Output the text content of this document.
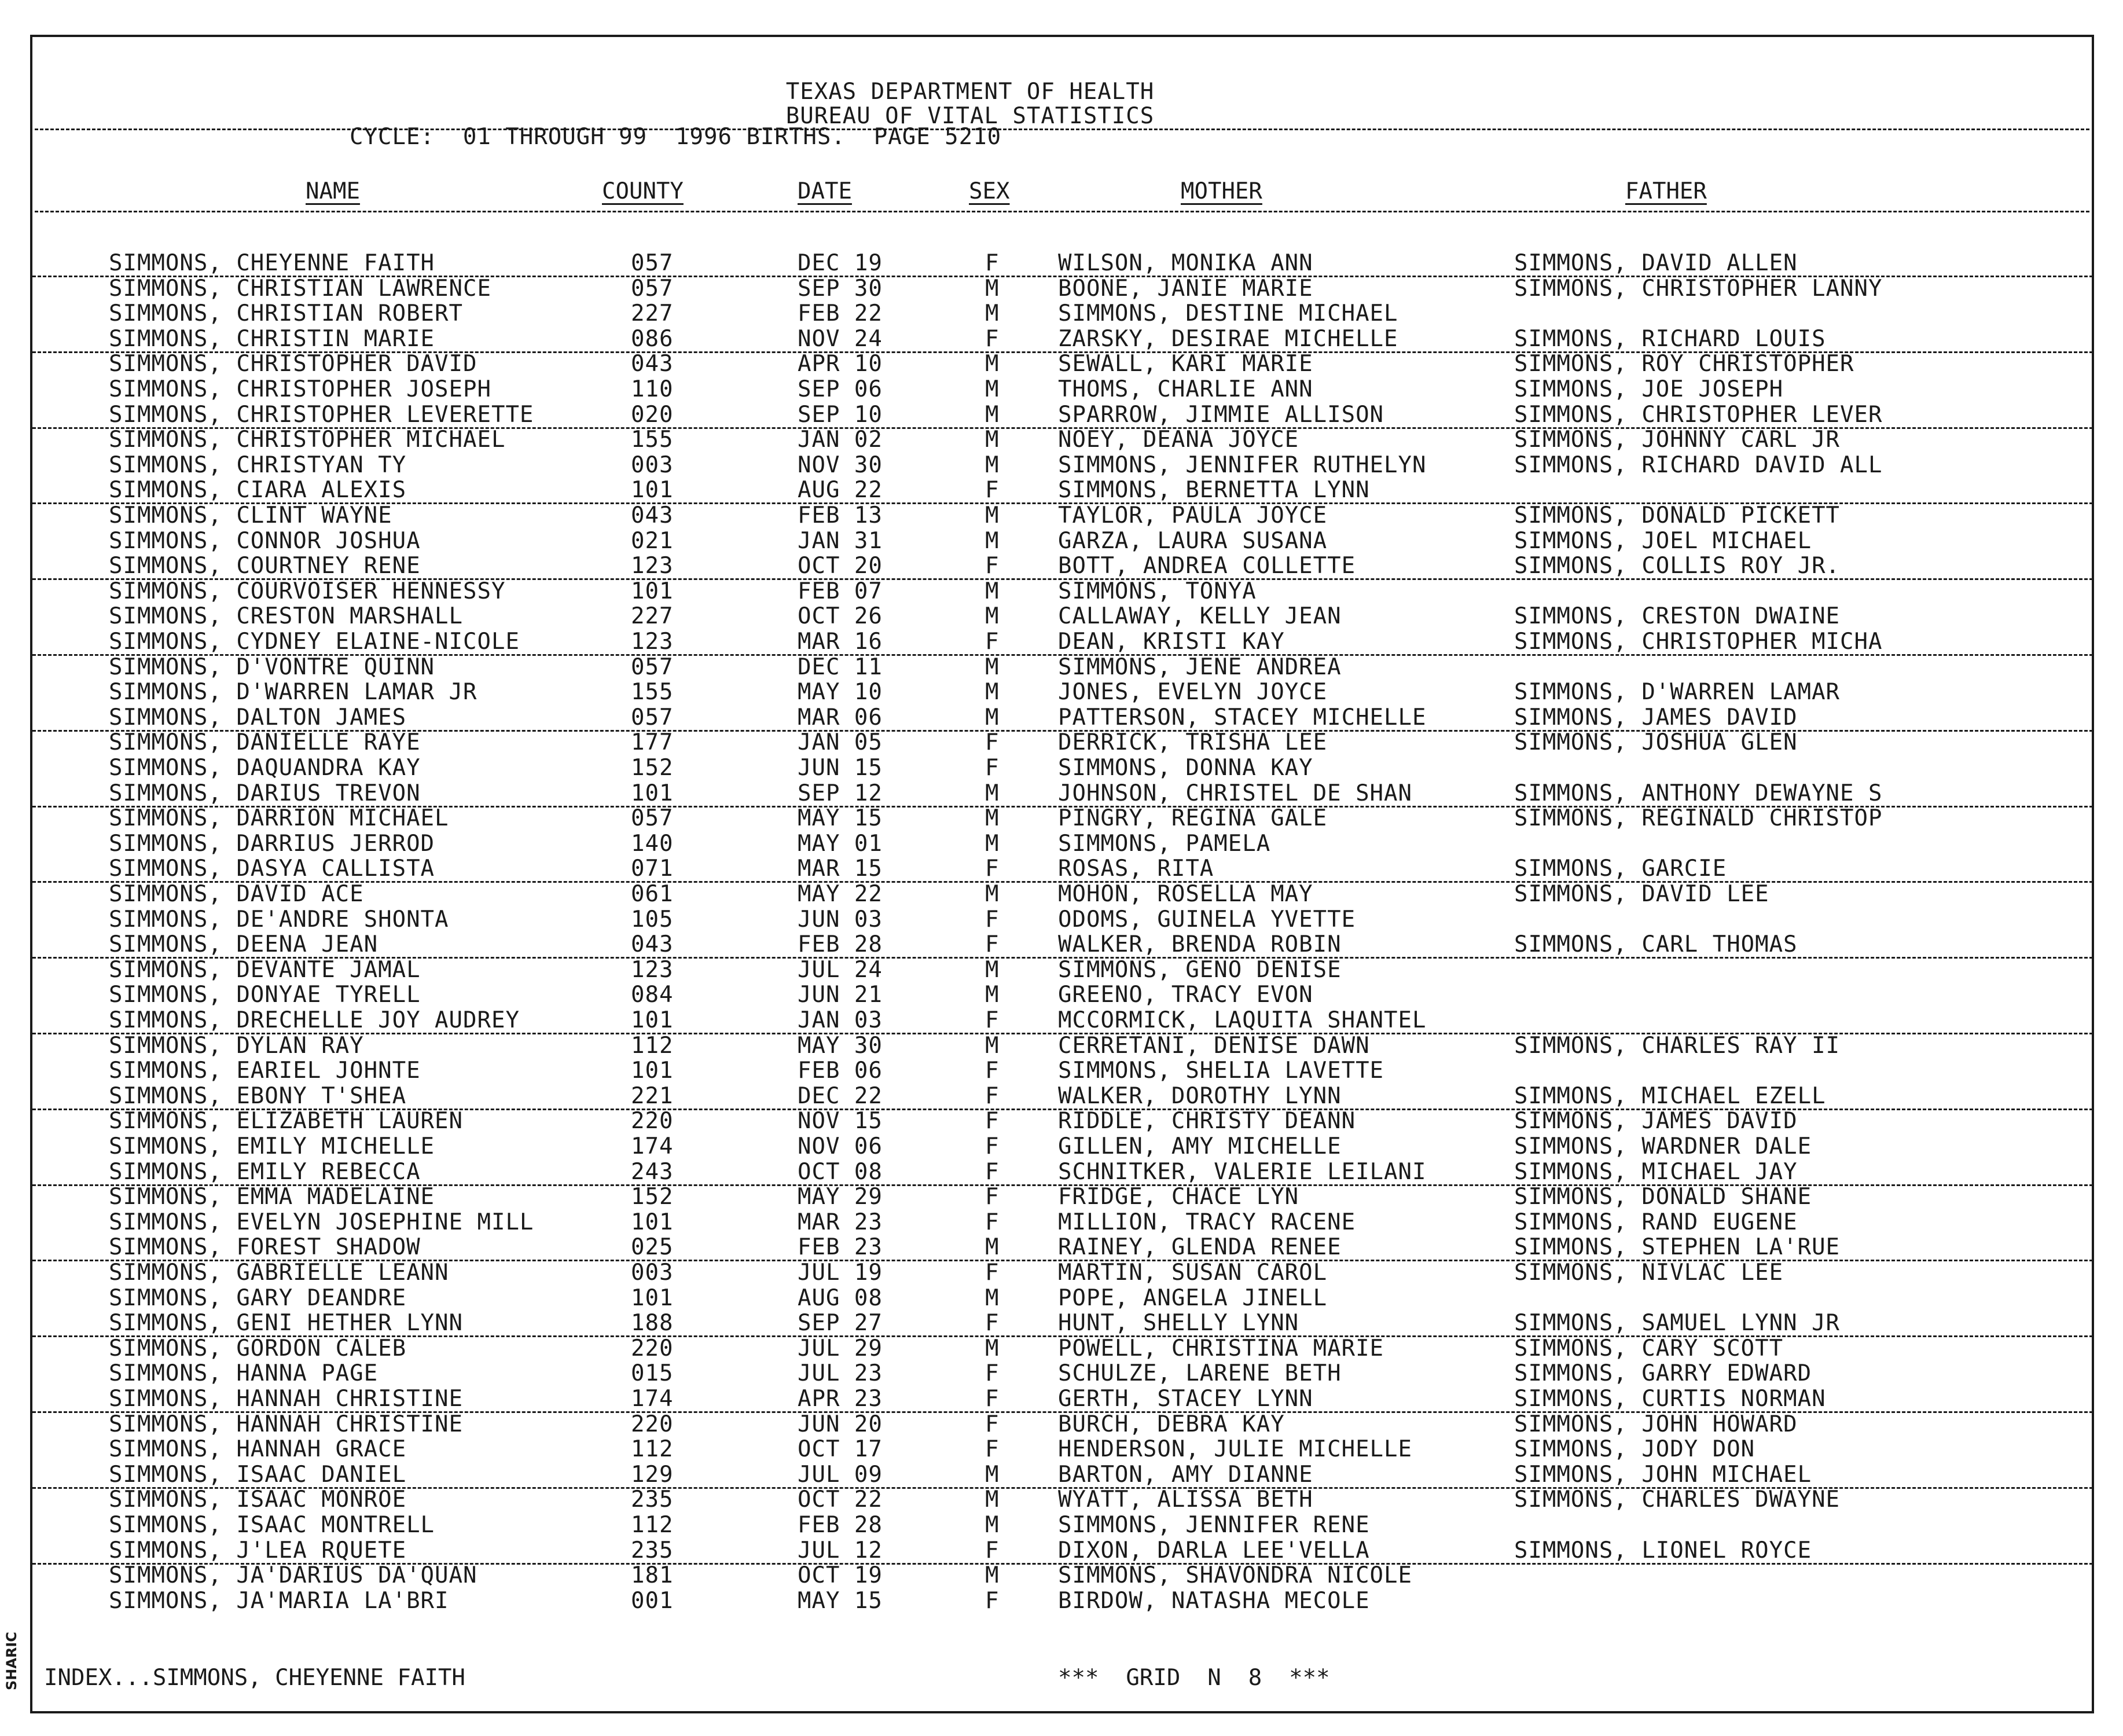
TEXAS DEPARTMENT OF HEALTH
BUREAU OF VITAL STATISTICS
CYCLE:  01 THROUGH 99  1996 BIRTHS.  PAGE 5210
NAME	COUNTY	DATE	SEX	MOTHER	FATHER
SIMMONS, CHEYENNE FAITH	057	DEC 19	F	WILSON, MONIKA ANN	SIMMONS, DAVID ALLEN
SIMMONS, CHRISTIAN LAWRENCE	057	SEP 30	M	BOONE, JANIE MARIE	SIMMONS, CHRISTOPHER LANNY
SIMMONS, CHRISTIAN ROBERT	227	FEB 22	M	SIMMONS, DESTINE MICHAEL
SIMMONS, CHRISTIN MARIE	086	NOV 24	F	ZARSKY, DESIRAE MICHELLE	SIMMONS, RICHARD LOUIS
SIMMONS, CHRISTOPHER DAVID	043	APR 10	M	SEWALL, KARI MARIE	SIMMONS, ROY CHRISTOPHER
SIMMONS, CHRISTOPHER JOSEPH	110	SEP 06	M	THOMS, CHARLIE ANN	SIMMONS, JOE JOSEPH
SIMMONS, CHRISTOPHER LEVERETTE	020	SEP 10	M	SPARROW, JIMMIE ALLISON	SIMMONS, CHRISTOPHER LEVER
SIMMONS, CHRISTOPHER MICHAEL	155	JAN 02	M	NOEY, DEANA JOYCE	SIMMONS, JOHNNY CARL JR
SIMMONS, CHRISTYAN TY	003	NOV 30	M	SIMMONS, JENNIFER RUTHELYN	SIMMONS, RICHARD DAVID ALL
SIMMONS, CIARA ALEXIS	101	AUG 22	F	SIMMONS, BERNETTA LYNN
SIMMONS, CLINT WAYNE	043	FEB 13	M	TAYLOR, PAULA JOYCE	SIMMONS, DONALD PICKETT
SIMMONS, CONNOR JOSHUA	021	JAN 31	M	GARZA, LAURA SUSANA	SIMMONS, JOEL MICHAEL
SIMMONS, COURTNEY RENE	123	OCT 20	F	BOTT, ANDREA COLLETTE	SIMMONS, COLLIS ROY JR.
SIMMONS, COURVOISER HENNESSY	101	FEB 07	M	SIMMONS, TONYA
SIMMONS, CRESTON MARSHALL	227	OCT 26	M	CALLAWAY, KELLY JEAN	SIMMONS, CRESTON DWAINE
SIMMONS, CYDNEY ELAINE-NICOLE	123	MAR 16	F	DEAN, KRISTI KAY	SIMMONS, CHRISTOPHER MICHA
SIMMONS, D'VONTRE QUINN	057	DEC 11	M	SIMMONS, JENE ANDREA
SIMMONS, D'WARREN LAMAR JR	155	MAY 10	M	JONES, EVELYN JOYCE	SIMMONS, D'WARREN LAMAR
SIMMONS, DALTON JAMES	057	MAR 06	M	PATTERSON, STACEY MICHELLE	SIMMONS, JAMES DAVID
SIMMONS, DANIELLE RAYE	177	JAN 05	F	DERRICK, TRISHA LEE	SIMMONS, JOSHUA GLEN
SIMMONS, DAQUANDRA KAY	152	JUN 15	F	SIMMONS, DONNA KAY
SIMMONS, DARIUS TREVON	101	SEP 12	M	JOHNSON, CHRISTEL DE SHAN	SIMMONS, ANTHONY DEWAYNE S
SIMMONS, DARRION MICHAEL	057	MAY 15	M	PINGRY, REGINA GALE	SIMMONS, REGINALD CHRISTOP
SIMMONS, DARRIUS JERROD	140	MAY 01	M	SIMMONS, PAMELA
SIMMONS, DASYA CALLISTA	071	MAR 15	F	ROSAS, RITA	SIMMONS, GARCIE
SIMMONS, DAVID ACE	061	MAY 22	M	MOHON, ROSELLA MAY	SIMMONS, DAVID LEE
SIMMONS, DE'ANDRE SHONTA	105	JUN 03	F	ODOMS, GUINELA YVETTE
SIMMONS, DEENA JEAN	043	FEB 28	F	WALKER, BRENDA ROBIN	SIMMONS, CARL THOMAS
SIMMONS, DEVANTE JAMAL	123	JUL 24	M	SIMMONS, GENO DENISE
SIMMONS, DONYAE TYRELL	084	JUN 21	M	GREENO, TRACY EVON
SIMMONS, DRECHELLE JOY AUDREY	101	JAN 03	F	MCCORMICK, LAQUITA SHANTEL
SIMMONS, DYLAN RAY	112	MAY 30	M	CERRETANI, DENISE DAWN	SIMMONS, CHARLES RAY II
SIMMONS, EARIEL JOHNTE	101	FEB 06	F	SIMMONS, SHELIA LAVETTE
SIMMONS, EBONY T'SHEA	221	DEC 22	F	WALKER, DOROTHY LYNN	SIMMONS, MICHAEL EZELL
SIMMONS, ELIZABETH LAUREN	220	NOV 15	F	RIDDLE, CHRISTY DEANN	SIMMONS, JAMES DAVID
SIMMONS, EMILY MICHELLE	174	NOV 06	F	GILLEN, AMY MICHELLE	SIMMONS, WARDNER DALE
SIMMONS, EMILY REBECCA	243	OCT 08	F	SCHNITKER, VALERIE LEILANI	SIMMONS, MICHAEL JAY
SIMMONS, EMMA MADELAINE	152	MAY 29	F	FRIDGE, CHACE LYN	SIMMONS, DONALD SHANE
SIMMONS, EVELYN JOSEPHINE MILL	101	MAR 23	F	MILLION, TRACY RACENE	SIMMONS, RAND EUGENE
SIMMONS, FOREST SHADOW	025	FEB 23	M	RAINEY, GLENDA RENEE	SIMMONS, STEPHEN LA'RUE
SIMMONS, GABRIELLE LEANN	003	JUL 19	F	MARTIN, SUSAN CAROL	SIMMONS, NIVLAC LEE
SIMMONS, GARY DEANDRE	101	AUG 08	M	POPE, ANGELA JINELL
SIMMONS, GENI HETHER LYNN	188	SEP 27	F	HUNT, SHELLY LYNN	SIMMONS, SAMUEL LYNN JR
SIMMONS, GORDON CALEB	220	JUL 29	M	POWELL, CHRISTINA MARIE	SIMMONS, CARY SCOTT
SIMMONS, HANNA PAGE	015	JUL 23	F	SCHULZE, LARENE BETH	SIMMONS, GARRY EDWARD
SIMMONS, HANNAH CHRISTINE	174	APR 23	F	GERTH, STACEY LYNN	SIMMONS, CURTIS NORMAN
SIMMONS, HANNAH CHRISTINE	220	JUN 20	F	BURCH, DEBRA KAY	SIMMONS, JOHN HOWARD
SIMMONS, HANNAH GRACE	112	OCT 17	F	HENDERSON, JULIE MICHELLE	SIMMONS, JODY DON
SIMMONS, ISAAC DANIEL	129	JUL 09	M	BARTON, AMY DIANNE	SIMMONS, JOHN MICHAEL
SIMMONS, ISAAC MONROE	235	OCT 22	M	WYATT, ALISSA BETH	SIMMONS, CHARLES DWAYNE
SIMMONS, ISAAC MONTRELL	112	FEB 28	M	SIMMONS, JENNIFER RENE
SIMMONS, J'LEA RQUETE	235	JUL 12	F	DIXON, DARLA LEE'VELLA	SIMMONS, LIONEL ROYCE
SIMMONS, JA'DARIUS DA'QUAN	181	OCT 19	M	SIMMONS, SHAVONDRA NICOLE
SIMMONS, JA'MARIA LA'BRI	001	MAY 15	F	BIRDOW, NATASHA MECOLE
INDEX...SIMMONS, CHEYENNE FAITH	***  GRID  N  8  ***
SHARIC
